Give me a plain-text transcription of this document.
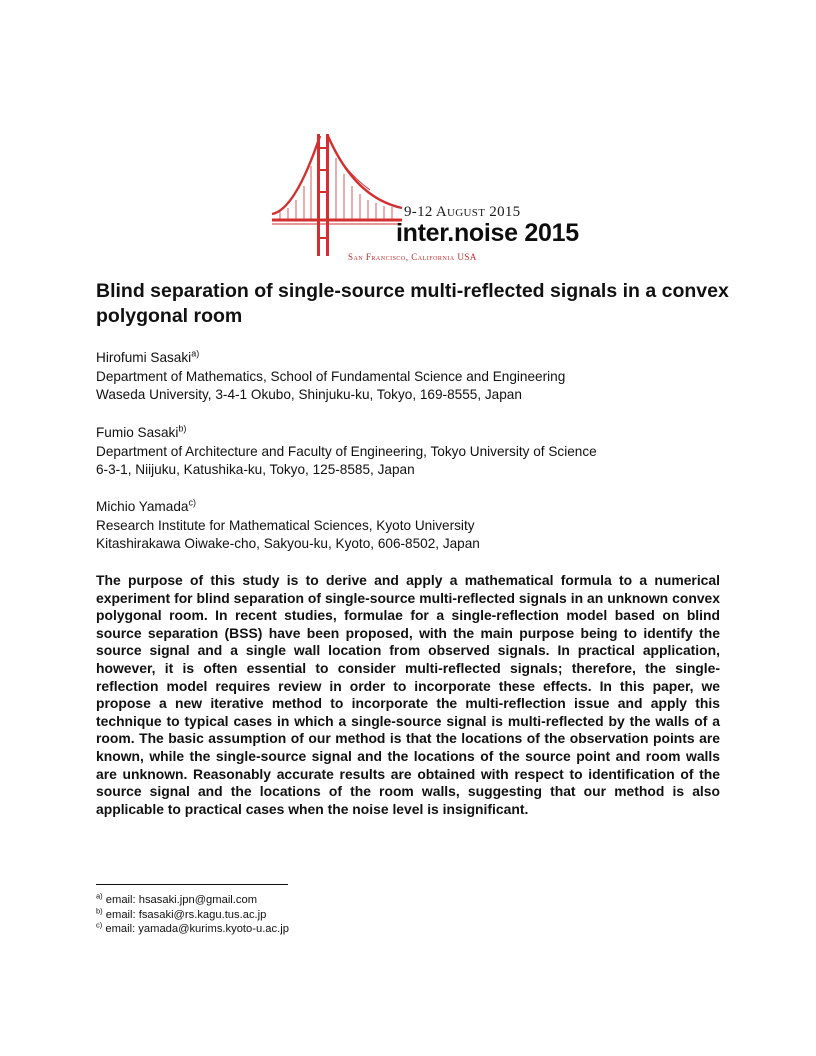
9-12 August 2015
inter.noise 2015
San Francisco, California USA
Blind separation of single-source multi-reflected signals in a convex polygonal room
Hirofumi Sasaki$^{a)}$
Department of Mathematics, School of Fundamental Science and Engineering
Waseda University, 3-4-1 Okubo, Shinjuku-ku, Tokyo, 169-8555, Japan
Fumio Sasaki$^{b)}$
Department of Architecture and Faculty of Engineering, Tokyo University of Science
6-3-1, Niijuku, Katushika-ku, Tokyo, 125-8585, Japan
Michio Yamada$^{c)}$
Research Institute for Mathematical Sciences, Kyoto University
Kitashirakawa Oiwake-cho, Sakyou-ku, Kyoto, 606-8502, Japan

The purpose of this study is to derive and apply a mathematical formula to a numerical experiment for blind separation of single-source multi-reflected signals in an unknown convex polygonal room. In recent studies, formulae for a single-reflection model based on blind source separation (BSS) have been proposed, with the main purpose being to identify the source signal and a single wall location from observed signals. In practical application, however, it is often essential to consider multi-reflected signals; therefore, the single-reflection model requires review in order to incorporate these effects. In this paper, we propose a new iterative method to incorporate the multi-reflection issue and apply this technique to typical cases in which a single-source signal is multi-reflected by the walls of a room. The basic assumption of our method is that the locations of the observation points are known, while the single-source signal and the locations of the source point and room walls are unknown. Reasonably accurate results are obtained with respect to identification of the source signal and the locations of the room walls, suggesting that our method is also applicable to practical cases when the noise level is insignificant.

$^{a)}$ email: hsasaki.jpn@gmail.com
$^{b)}$ email: fsasaki@rs.kagu.tus.ac.jp
$^{c)}$ email: yamada@kurims.kyoto-u.ac.jp
